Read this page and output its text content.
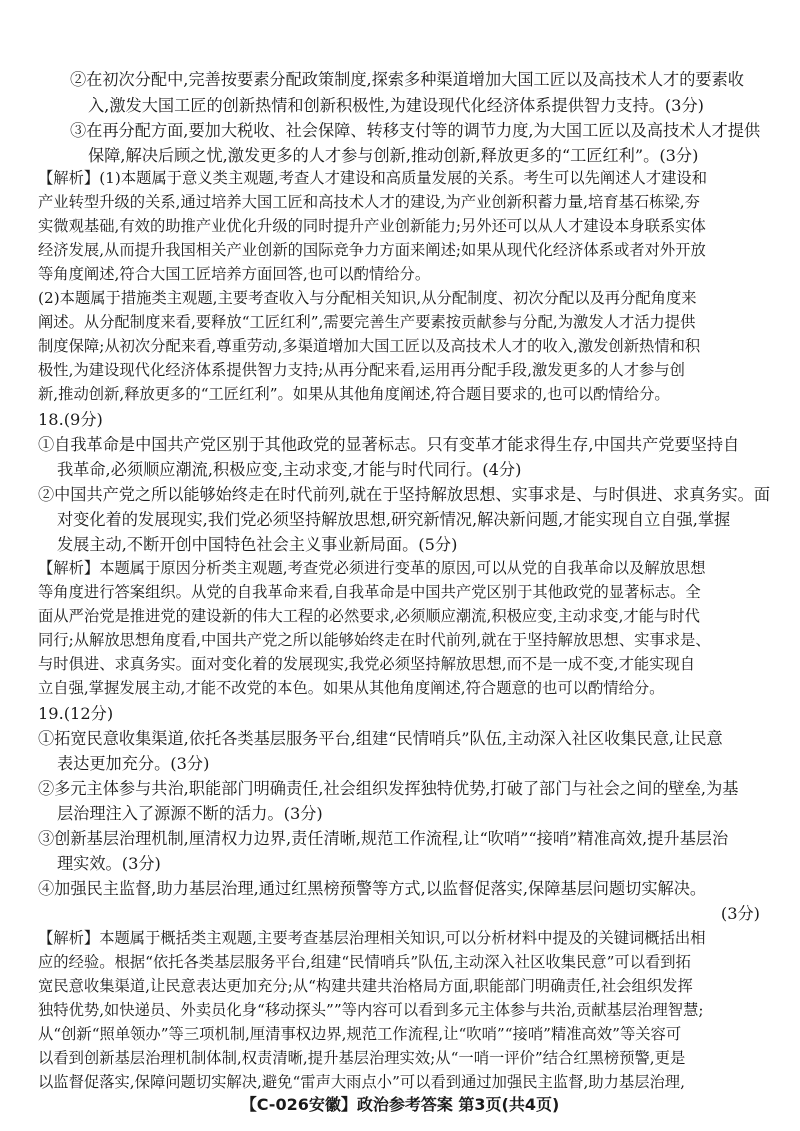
②在初次分配中,完善按要素分配政策制度,探索多种渠道增加大国工匠以及高技术人才的要素收
入,激发大国工匠的创新热情和创新积极性,为建设现代化经济体系提供智力支持。(3分)
③在再分配方面,要加大税收、社会保障、转移支付等的调节力度,为大国工匠以及高技术人才提供
保障,解决后顾之忧,激发更多的人才参与创新,推动创新,释放更多的“工匠红利”。(3分)
【解析】(1)本题属于意义类主观题,考查人才建设和高质量发展的关系。考生可以先阐述人才建设和
产业转型升级的关系,通过培养大国工匠和高技术人才的建设,为产业创新积蓄力量,培育基石栋梁,夯
实微观基础,有效的助推产业优化升级的同时提升产业创新能力;另外还可以从人才建设本身联系实体
经济发展,从而提升我国相关产业创新的国际竞争力方面来阐述;如果从现代化经济体系或者对外开放
等角度阐述,符合大国工匠培养方面回答,也可以酌情给分。
(2)本题属于措施类主观题,主要考查收入与分配相关知识,从分配制度、初次分配以及再分配角度来
阐述。从分配制度来看,要释放“工匠红利”,需要完善生产要素按贡献参与分配,为激发人才活力提供
制度保障;从初次分配来看,尊重劳动,多渠道增加大国工匠以及高技术人才的收入,激发创新热情和积
极性,为建设现代化经济体系提供智力支持;从再分配来看,运用再分配手段,激发更多的人才参与创
新,推动创新,释放更多的“工匠红利”。如果从其他角度阐述,符合题目要求的,也可以酌情给分。
18.(9分)
①自我革命是中国共产党区别于其他政党的显著标志。只有变革才能求得生存,中国共产党要坚持自
我革命,必须顺应潮流,积极应变,主动求变,才能与时代同行。(4分)
②中国共产党之所以能够始终走在时代前列,就在于坚持解放思想、实事求是、与时俱进、求真务实。面
对变化着的发展现实,我们党必须坚持解放思想,研究新情况,解决新问题,才能实现自立自强,掌握
发展主动,不断开创中国特色社会主义事业新局面。(5分)
【解析】本题属于原因分析类主观题,考查党必须进行变革的原因,可以从党的自我革命以及解放思想
等角度进行答案组织。从党的自我革命来看,自我革命是中国共产党区别于其他政党的显著标志。全
面从严治党是推进党的建设新的伟大工程的必然要求,必须顺应潮流,积极应变,主动求变,才能与时代
同行;从解放思想角度看,中国共产党之所以能够始终走在时代前列,就在于坚持解放思想、实事求是、
与时俱进、求真务实。面对变化着的发展现实,我党必须坚持解放思想,而不是一成不变,才能实现自
立自强,掌握发展主动,才能不改党的本色。如果从其他角度阐述,符合题意的也可以酌情给分。
19.(12分)
①拓宽民意收集渠道,依托各类基层服务平台,组建“民情哨兵”队伍,主动深入社区收集民意,让民意
表达更加充分。(3分)
②多元主体参与共治,职能部门明确责任,社会组织发挥独特优势,打破了部门与社会之间的壁垒,为基
层治理注入了源源不断的活力。(3分)
③创新基层治理机制,厘清权力边界,责任清晰,规范工作流程,让“吹哨”“接哨”精准高效,提升基层治
理实效。(3分)
④加强民主监督,助力基层治理,通过红黑榜预警等方式,以监督促落实,保障基层问题切实解决。
(3分)
【解析】本题属于概括类主观题,主要考查基层治理相关知识,可以分析材料中提及的关键词概括出相
应的经验。根据“依托各类基层服务平台,组建“民情哨兵”队伍,主动深入社区收集民意”可以看到拓
宽民意收集渠道,让民意表达更加充分;从“构建共建共治格局方面,职能部门明确责任,社会组织发挥
独特优势,如快递员、外卖员化身“移动探头””等内容可以看到多元主体参与共治,贡献基层治理智慧;
从“创新“照单领办”等三项机制,厘清事权边界,规范工作流程,让“吹哨”“接哨”精准高效”等关容可
以看到创新基层治理机制体制,权责清晰,提升基层治理实效;从“一哨一评价”结合红黑榜预警,更是
以监督促落实,保障问题切实解决,避免“雷声大雨点小”可以看到通过加强民主监督,助力基层治理,
【C-026安徽】政治参考答案 第3页(共4页)
